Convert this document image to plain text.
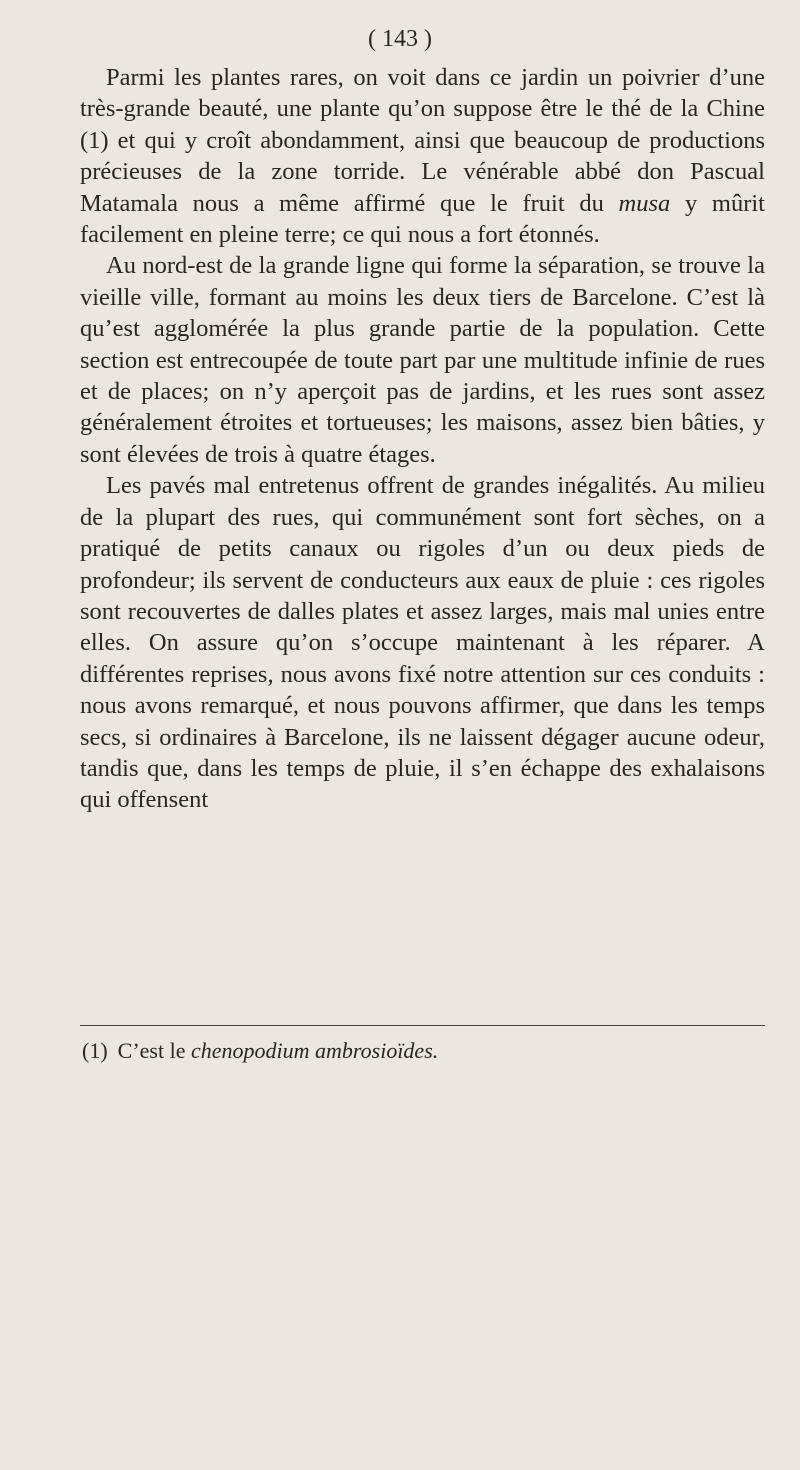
( 143 )

Parmi les plantes rares, on voit dans ce jardin un poivrier d’une très-grande beauté, une plante qu’on suppose être le thé de la Chine (1) et qui y croît abondamment, ainsi que beaucoup de productions précieuses de la zone torride. Le vénérable abbé don Pascual Matamala nous a même affirmé que le fruit du musa y mûrit facilement en pleine terre; ce qui nous a fort étonnés.

Au nord-est de la grande ligne qui forme la séparation, se trouve la vieille ville, formant au moins les deux tiers de Barcelone. C’est là qu’est agglomérée la plus grande partie de la population. Cette section est entrecoupée de toute part par une multitude infinie de rues et de places; on n’y aperçoit pas de jardins, et les rues sont assez généralement étroites et tortueuses; les maisons, assez bien bâties, y sont élevées de trois à quatre étages.

Les pavés mal entretenus offrent de grandes inégalités. Au milieu de la plupart des rues, qui communément sont fort sèches, on a pratiqué de petits canaux ou rigoles d’un ou deux pieds de profondeur; ils servent de conducteurs aux eaux de pluie : ces rigoles sont recouvertes de dalles plates et assez larges, mais mal unies entre elles. On assure qu’on s’occupe maintenant à les réparer. A différentes reprises, nous avons fixé notre attention sur ces conduits : nous avons remarqué, et nous pouvons affirmer, que dans les temps secs, si ordinaires à Barcelone, ils ne laissent dégager aucune odeur, tandis que, dans les temps de pluie, il s’en échappe des exhalaisons qui offensent

(1) C’est le chenopodium ambrosioïdes.
